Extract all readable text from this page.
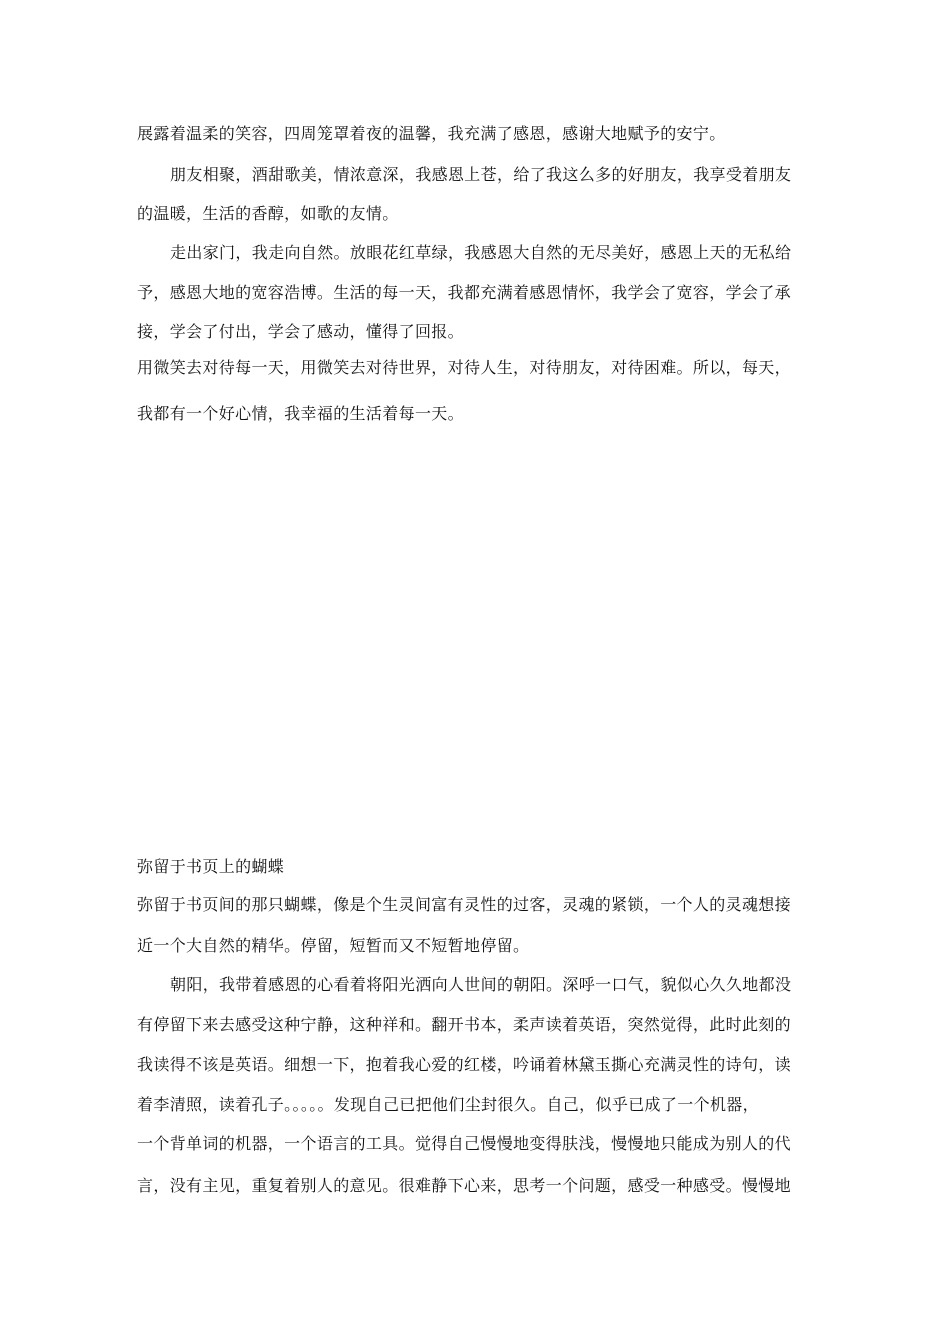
展露着温柔的笑容，四周笼罩着夜的温馨，我充满了感恩，感谢大地赋予的安宁。
朋友相聚，酒甜歌美，情浓意深，我感恩上苍，给了我这么多的好朋友，我享受着朋友
的温暖，生活的香醇，如歌的友情。
走出家门，我走向自然。放眼花红草绿，我感恩大自然的无尽美好，感恩上天的无私给
予，感恩大地的宽容浩博。生活的每一天，我都充满着感恩情怀，我学会了宽容，学会了承
接，学会了付出，学会了感动，懂得了回报。
用微笑去对待每一天，用微笑去对待世界，对待人生，对待朋友，对待困难。所以，每天，
我都有一个好心情，我幸福的生活着每一天。
弥留于书页上的蝴蝶
弥留于书页间的那只蝴蝶，像是个生灵间富有灵性的过客，灵魂的紧锁，一个人的灵魂想接
近一个大自然的精华。停留，短暂而又不短暂地停留。
朝阳，我带着感恩的心看着将阳光洒向人世间的朝阳。深呼一口气，貌似心久久地都没
有停留下来去感受这种宁静，这种祥和。翻开书本，柔声读着英语，突然觉得，此时此刻的
我读得不该是英语。细想一下，抱着我心爱的红楼，吟诵着林黛玉撕心充满灵性的诗句，读
着李清照，读着孔子。。。。。发现自己已把他们尘封很久。自己，似乎已成了一个机器，
一个背单词的机器，一个语言的工具。觉得自己慢慢地变得肤浅，慢慢地只能成为别人的代
言，没有主见，重复着别人的意见。很难静下心来，思考一个问题，感受一种感受。慢慢地
